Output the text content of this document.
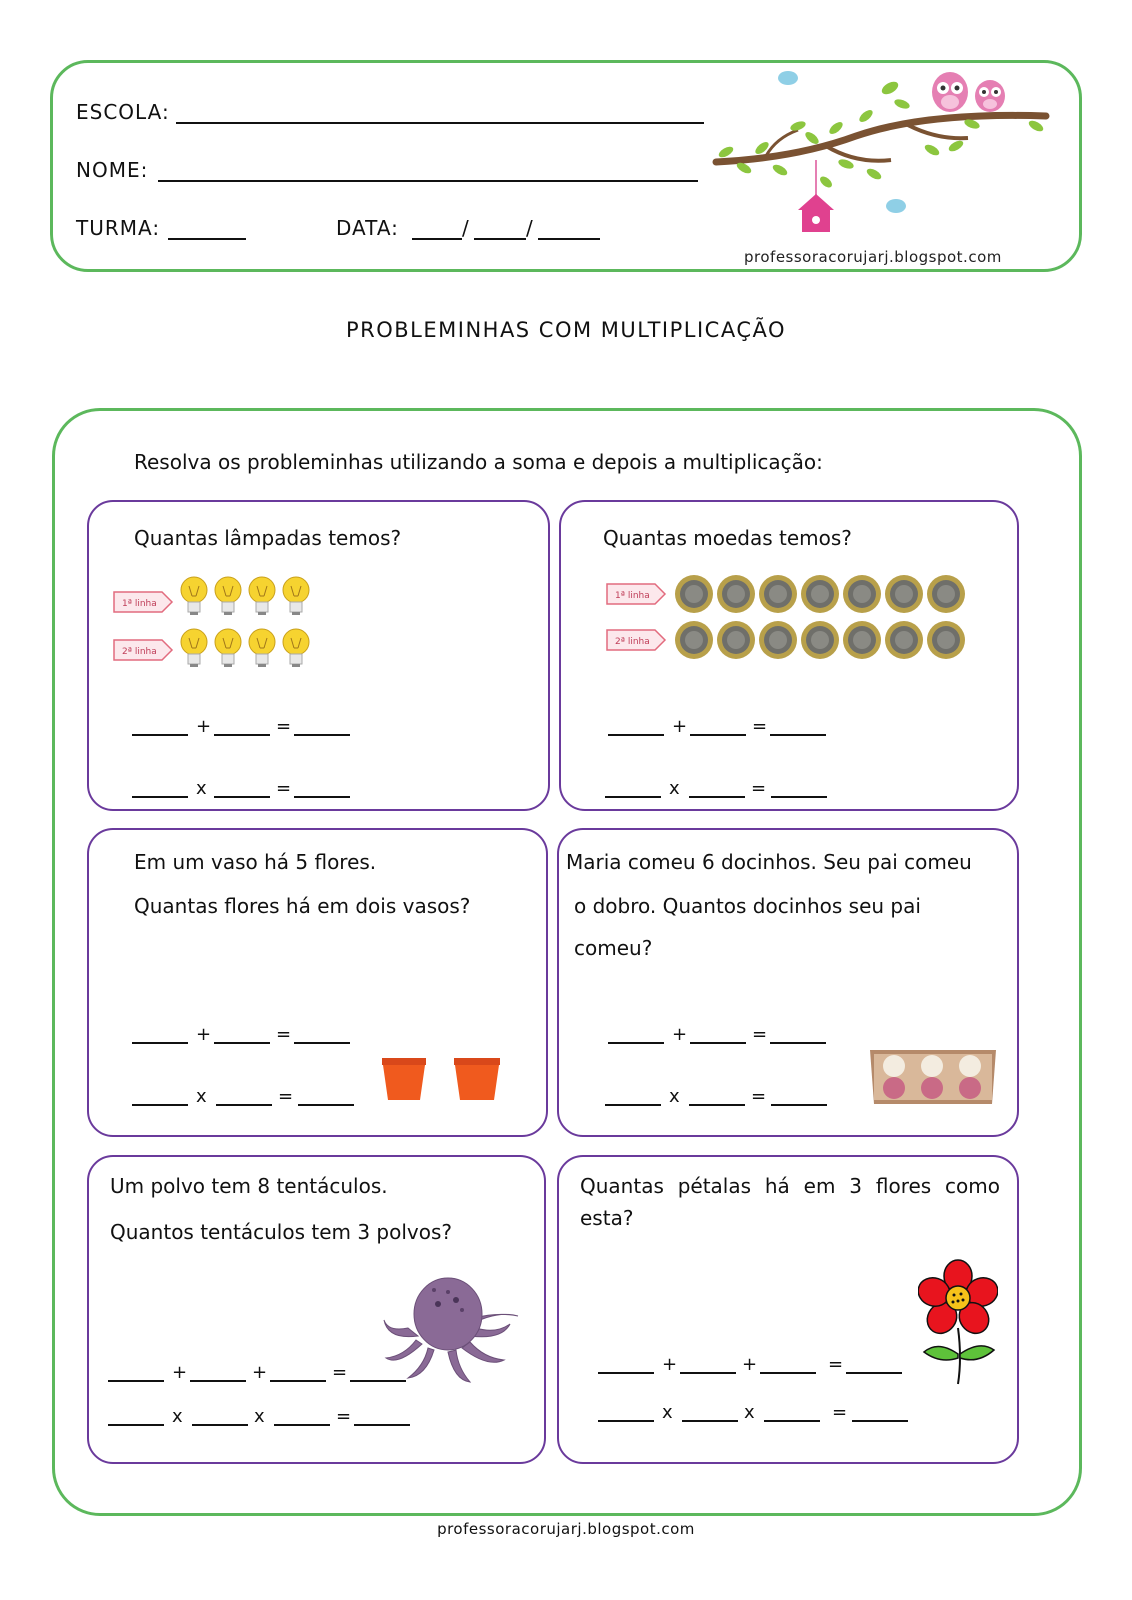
ESCOLA:
NOME:
TURMA:	DATA:	/	/
professoracorujarj.blogspot.com
PROBLEMINHAS COM MULTIPLICAÇÃO
Resolva os probleminhas utilizando a soma e depois a multiplicação:
Quantas lâmpadas temos?
1ª linha
2ª linha
+	=
x	=
Quantas moedas temos?
1ª linha
2ª linha
+	=
x	=
Em um vaso há 5 flores.
Quantas flores há em dois vasos?
+	=
x	=
Maria comeu 6 docinhos. Seu pai comeu
o dobro. Quantos docinhos seu pai
comeu?
+	=
x	=
Um polvo tem 8 tentáculos.
Quantos tentáculos tem 3 polvos?
+	+	=
x	x	=
Quantas pétalas há em 3 flores como
esta?
+	+	=
x	x	=
professoracorujarj.blogspot.com
